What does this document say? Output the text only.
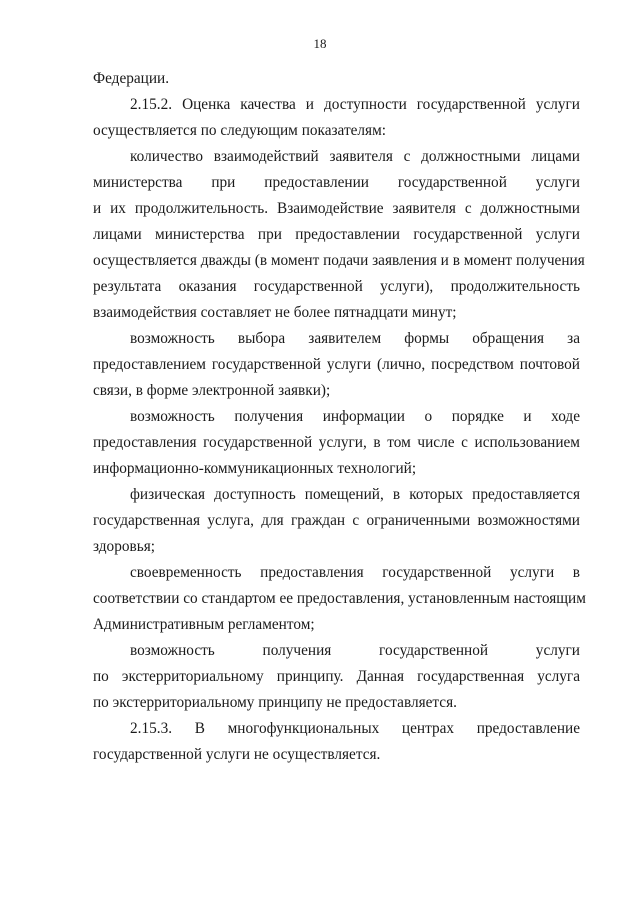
18
Федерации.
2.15.2. Оценка качества и доступности государственной услуги
осуществляется по следующим показателям:
количество взаимодействий заявителя с должностными лицами
министерства при предоставлении государственной услуги
и их продолжительность. Взаимодействие заявителя с должностными
лицами министерства при предоставлении государственной услуги
осуществляется дважды (в момент подачи заявления и в момент получения
результата оказания государственной услуги), продолжительность
взаимодействия составляет не более пятнадцати минут;
возможность выбора заявителем формы обращения за
предоставлением государственной услуги (лично, посредством почтовой
связи, в форме электронной заявки);
возможность получения информации о порядке и ходе
предоставления государственной услуги, в том числе с использованием
информационно-коммуникационных технологий;
физическая доступность помещений, в которых предоставляется
государственная услуга, для граждан с ограниченными возможностями
здоровья;
своевременность предоставления государственной услуги в
соответствии со стандартом ее предоставления, установленным настоящим
Административным регламентом;
возможность получения государственной услуги
по экстерриториальному принципу. Данная государственная услуга
по экстерриториальному принципу не предоставляется.
2.15.3. В многофункциональных центрах предоставление
государственной услуги не осуществляется.
